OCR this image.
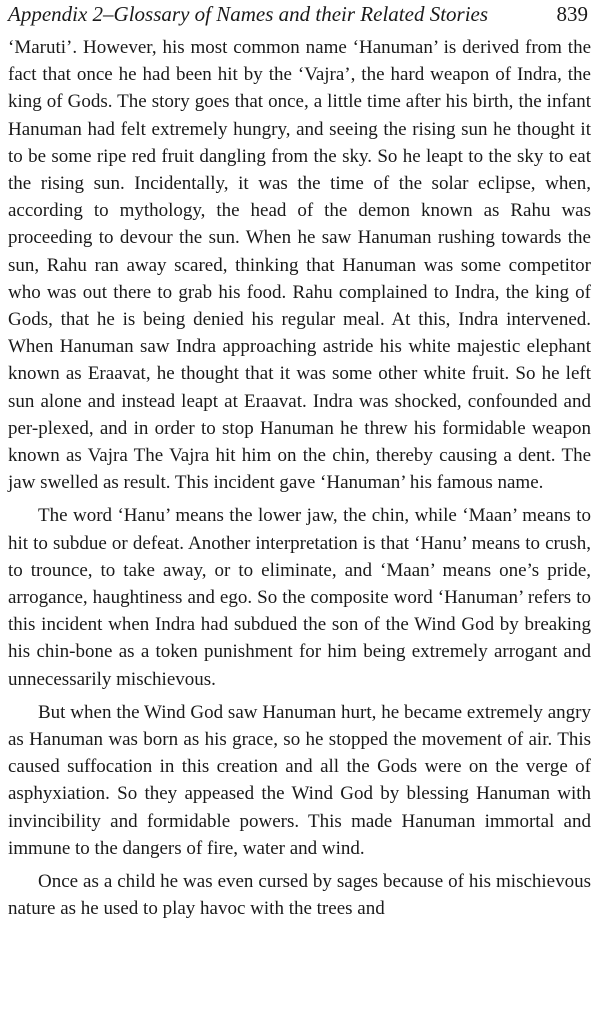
Appendix 2–Glossary of Names and their Related Stories	839

‘Maruti’. However, his most common name ‘Hanuman’ is derived from the fact that once he had been hit by the ‘Vajra’, the hard weapon of Indra, the king of Gods. The story goes that once, a little time after his birth, the infant Hanuman had felt extremely hungry, and seeing the rising sun he thought it to be some ripe red fruit dangling from the sky. So he leapt to the sky to eat the rising sun. Incidentally, it was the time of the solar eclipse, when, according to mythology, the head of the demon known as Rahu was proceeding to devour the sun. When he saw Hanuman rushing towards the sun, Rahu ran away scared, thinking that Hanuman was some competitor who was out there to grab his food. Rahu complained to Indra, the king of Gods, that he is being denied his regular meal. At this, Indra intervened. When Hanuman saw Indra approaching astride his white majestic elephant known as Eraavat, he thought that it was some other white fruit. So he left sun alone and instead leapt at Eraavat. Indra was shocked, confounded and per-plexed, and in order to stop Hanuman he threw his formidable weapon known as Vajra The Vajra hit him on the chin, thereby causing a dent. The jaw swelled as result. This incident gave ‘Hanuman’ his famous name.

The word ‘Hanu’ means the lower jaw, the chin, while ‘Maan’ means to hit to subdue or defeat. Another interpretation is that ‘Hanu’ means to crush, to trounce, to take away, or to eliminate, and ‘Maan’ means one’s pride, arrogance, haughtiness and ego. So the composite word ‘Hanuman’ refers to this incident when Indra had subdued the son of the Wind God by breaking his chin-bone as a token punishment for him being extremely arrogant and unnecessarily mischievous.

But when the Wind God saw Hanuman hurt, he became extremely angry as Hanuman was born as his grace, so he stopped the movement of air. This caused suffocation in this creation and all the Gods were on the verge of asphyxiation. So they appeased the Wind God by blessing Hanuman with invincibility and formidable powers. This made Hanuman immortal and immune to the dangers of fire, water and wind.

Once as a child he was even cursed by sages because of his mischievous nature as he used to play havoc with the trees and
